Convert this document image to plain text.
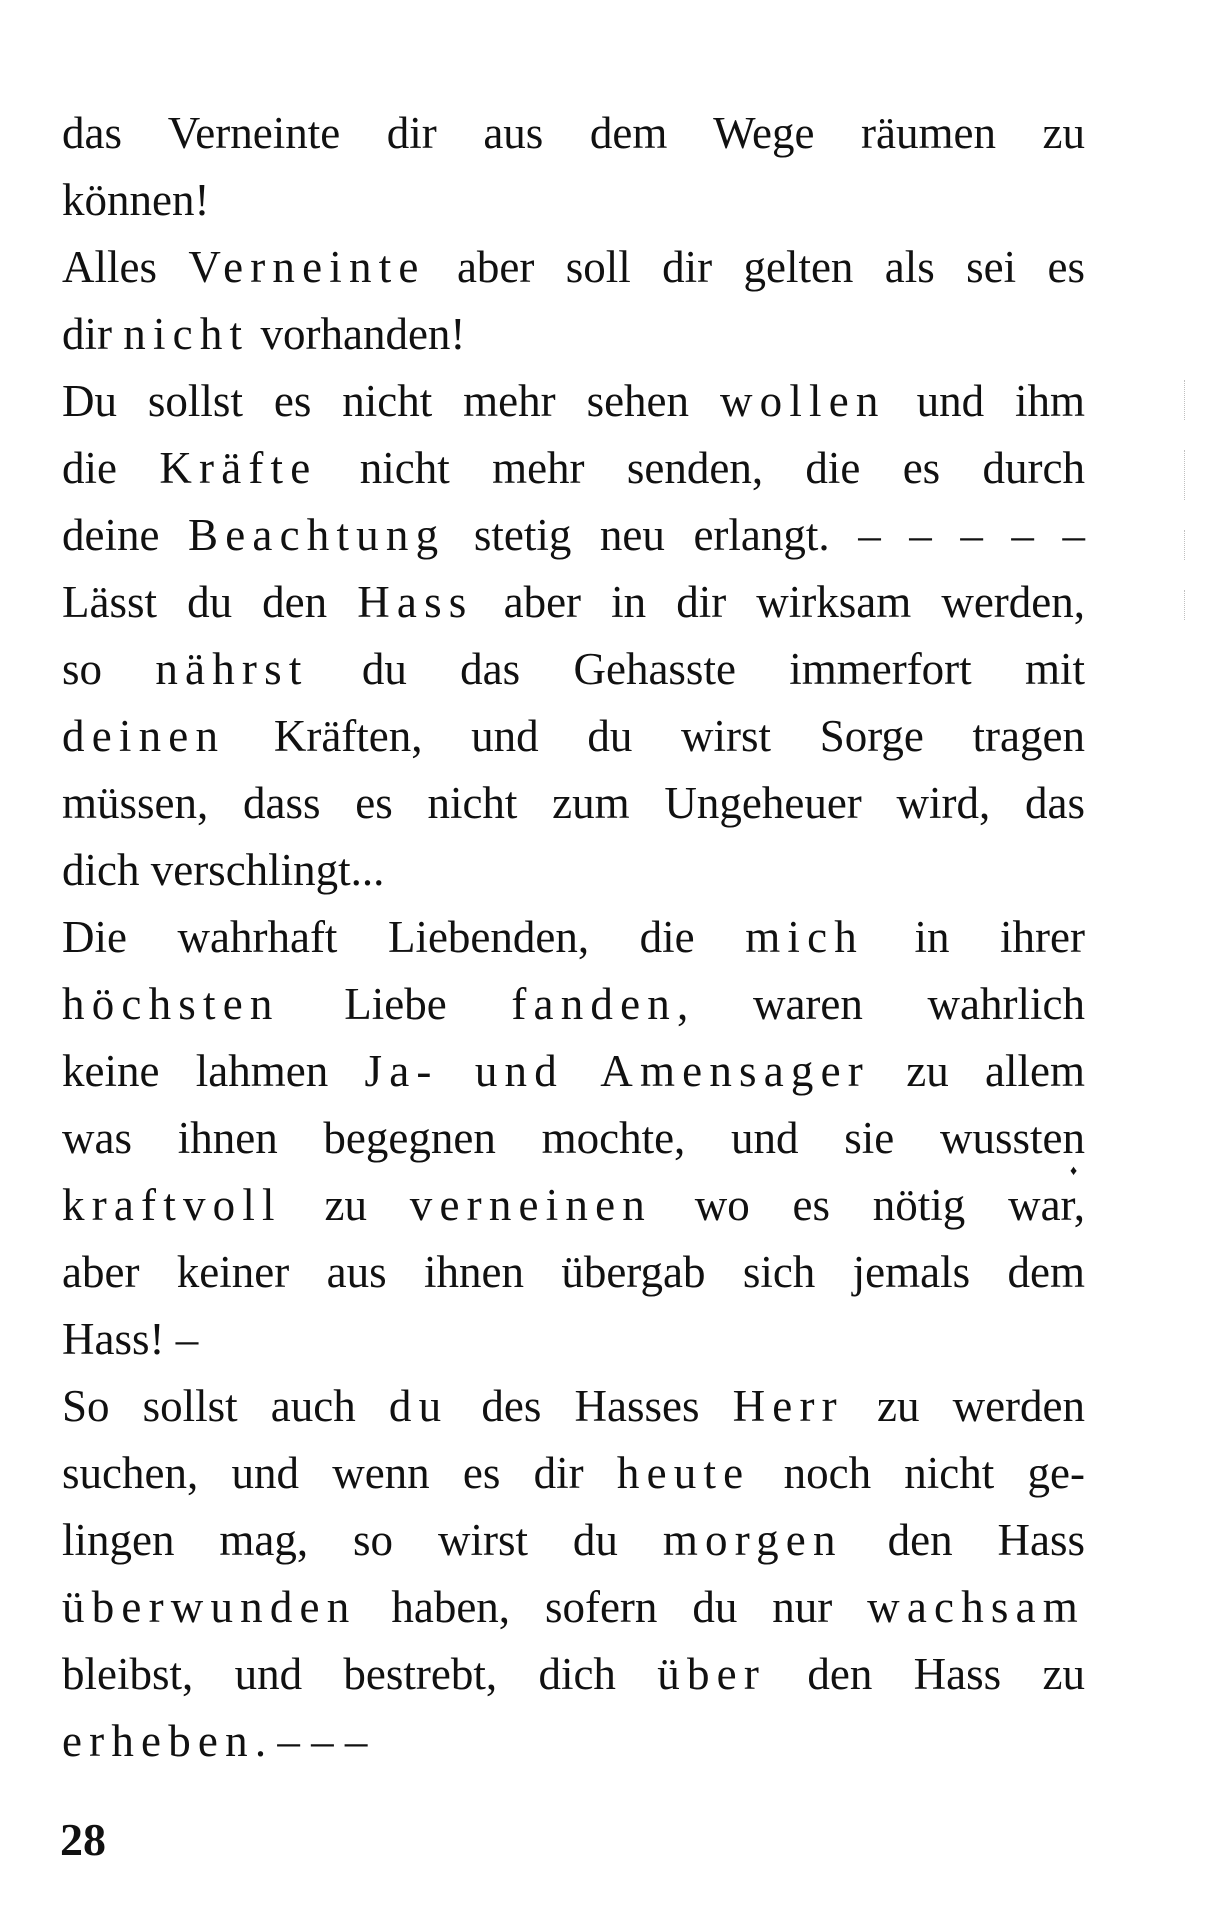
das Verneinte dir aus dem Wege räumen zu
können!
Alles Verneinte aber soll dir gelten als sei es
dir nicht vorhanden!
Du sollst es nicht mehr sehen wollen und ihm
die Kräfte nicht mehr senden, die es durch
deine Beachtung stetig neu erlangt. – – – – –
Lässt du den Hass aber in dir wirksam werden,
so nährst du das Gehasste immerfort mit
deinen Kräften, und du wirst Sorge tragen
müssen, dass es nicht zum Ungeheuer wird, das
dich verschlingt...
Die wahrhaft Liebenden, die mich in ihrer
höchsten Liebe fanden, waren wahrlich
keine lahmen Ja- und Amensager zu allem
was ihnen begegnen mochte, und sie wussten
kraftvoll zu verneinen wo es nötig war,
aber keiner aus ihnen übergab sich jemals dem
Hass! –
So sollst auch du des Hasses Herr zu werden
suchen, und wenn es dir heute noch nicht ge-
lingen mag, so wirst du morgen den Hass
überwunden haben, sofern du nur wachsam
bleibst, und bestrebt, dich über den Hass zu
erheben. – – –
♦
28
